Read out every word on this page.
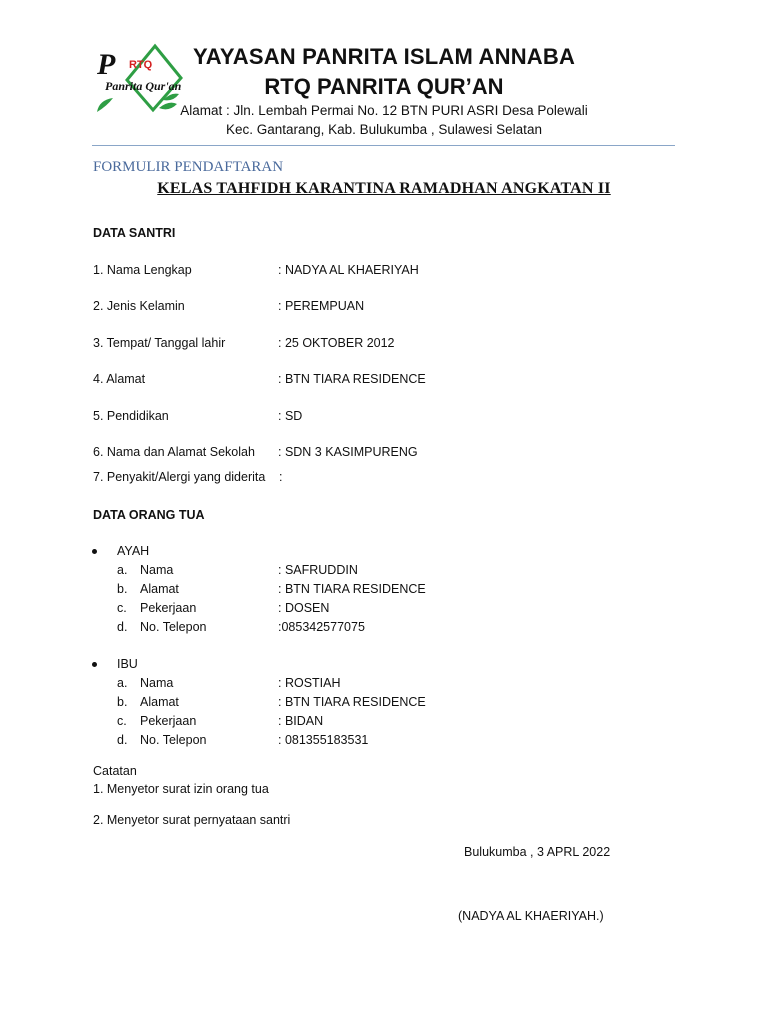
P RTQ
Panrita Qur'an
YAYASAN PANRITA ISLAM ANNABA
RTQ PANRITA QUR’AN
Alamat : Jln. Lembah Permai No. 12 BTN PURI ASRI Desa Polewali
Kec. Gantarang, Kab. Bulukumba , Sulawesi Selatan
FORMULIR PENDAFTARAN
KELAS TAHFIDH KARANTINA RAMADHAN ANGKATAN II
DATA SANTRI
1. Nama Lengkap	: NADYA AL KHAERIYAH
2. Jenis Kelamin	: PEREMPUAN
3. Tempat/ Tanggal lahir	: 25 OKTOBER 2012
4. Alamat	: BTN TIARA RESIDENCE
5. Pendidikan	: SD
6. Nama dan Alamat Sekolah : SDN 3 KASIMPURENG
7. Penyakit/Alergi yang diderita :
DATA ORANG TUA
AYAH
a. Nama	: SAFRUDDIN
b. Alamat	: BTN TIARA RESIDENCE
c. Pekerjaan	: DOSEN
d. No. Telepon	:085342577075
IBU
a. Nama	: ROSTIAH
b. Alamat	: BTN TIARA RESIDENCE
c. Pekerjaan	: BIDAN
d. No. Telepon	: 081355183531
Catatan
1. Menyetor surat izin orang tua
2. Menyetor surat pernyataan santri
Bulukumba , 3 APRL 2022
(NADYA AL KHAERIYAH.)
